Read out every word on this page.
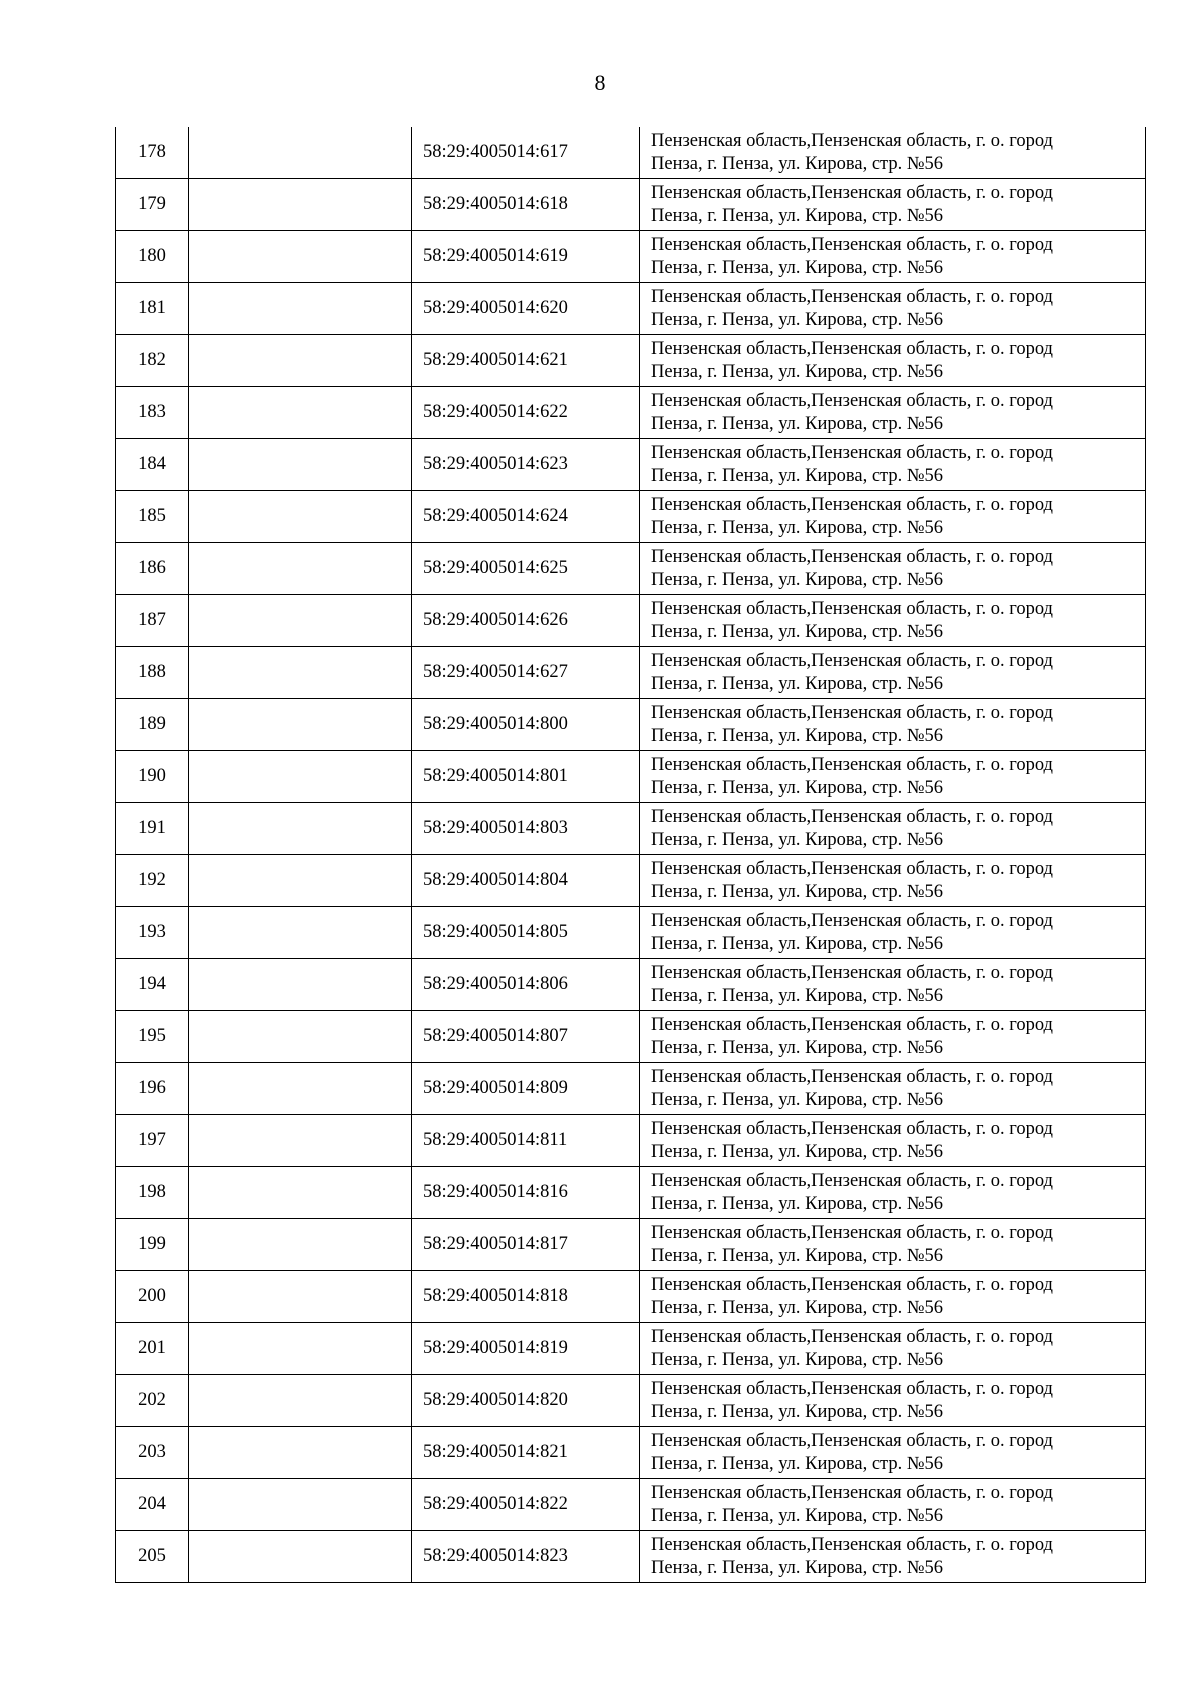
8
178		58:29:4005014:617	Пензенская область,Пензенская область, г. о. город
Пенза, г. Пенза, ул. Кирова, стр. №56

179		58:29:4005014:618	Пензенская область,Пензенская область, г. о. город
Пенза, г. Пенза, ул. Кирова, стр. №56

180		58:29:4005014:619	Пензенская область,Пензенская область, г. о. город
Пенза, г. Пенза, ул. Кирова, стр. №56

181		58:29:4005014:620	Пензенская область,Пензенская область, г. о. город
Пенза, г. Пенза, ул. Кирова, стр. №56

182		58:29:4005014:621	Пензенская область,Пензенская область, г. о. город
Пенза, г. Пенза, ул. Кирова, стр. №56

183		58:29:4005014:622	Пензенская область,Пензенская область, г. о. город
Пенза, г. Пенза, ул. Кирова, стр. №56

184		58:29:4005014:623	Пензенская область,Пензенская область, г. о. город
Пенза, г. Пенза, ул. Кирова, стр. №56

185		58:29:4005014:624	Пензенская область,Пензенская область, г. о. город
Пенза, г. Пенза, ул. Кирова, стр. №56

186		58:29:4005014:625	Пензенская область,Пензенская область, г. о. город
Пенза, г. Пенза, ул. Кирова, стр. №56

187		58:29:4005014:626	Пензенская область,Пензенская область, г. о. город
Пенза, г. Пенза, ул. Кирова, стр. №56

188		58:29:4005014:627	Пензенская область,Пензенская область, г. о. город
Пенза, г. Пенза, ул. Кирова, стр. №56

189		58:29:4005014:800	Пензенская область,Пензенская область, г. о. город
Пенза, г. Пенза, ул. Кирова, стр. №56

190		58:29:4005014:801	Пензенская область,Пензенская область, г. о. город
Пенза, г. Пенза, ул. Кирова, стр. №56

191		58:29:4005014:803	Пензенская область,Пензенская область, г. о. город
Пенза, г. Пенза, ул. Кирова, стр. №56

192		58:29:4005014:804	Пензенская область,Пензенская область, г. о. город
Пенза, г. Пенза, ул. Кирова, стр. №56

193		58:29:4005014:805	Пензенская область,Пензенская область, г. о. город
Пенза, г. Пенза, ул. Кирова, стр. №56

194		58:29:4005014:806	Пензенская область,Пензенская область, г. о. город
Пенза, г. Пенза, ул. Кирова, стр. №56

195		58:29:4005014:807	Пензенская область,Пензенская область, г. о. город
Пенза, г. Пенза, ул. Кирова, стр. №56

196		58:29:4005014:809	Пензенская область,Пензенская область, г. о. город
Пенза, г. Пенза, ул. Кирова, стр. №56

197		58:29:4005014:811	Пензенская область,Пензенская область, г. о. город
Пенза, г. Пенза, ул. Кирова, стр. №56

198		58:29:4005014:816	Пензенская область,Пензенская область, г. о. город
Пенза, г. Пенза, ул. Кирова, стр. №56

199		58:29:4005014:817	Пензенская область,Пензенская область, г. о. город
Пенза, г. Пенза, ул. Кирова, стр. №56

200		58:29:4005014:818	Пензенская область,Пензенская область, г. о. город
Пенза, г. Пенза, ул. Кирова, стр. №56

201		58:29:4005014:819	Пензенская область,Пензенская область, г. о. город
Пенза, г. Пенза, ул. Кирова, стр. №56

202		58:29:4005014:820	Пензенская область,Пензенская область, г. о. город
Пенза, г. Пенза, ул. Кирова, стр. №56

203		58:29:4005014:821	Пензенская область,Пензенская область, г. о. город
Пенза, г. Пенза, ул. Кирова, стр. №56

204		58:29:4005014:822	Пензенская область,Пензенская область, г. о. город
Пенза, г. Пенза, ул. Кирова, стр. №56

205		58:29:4005014:823	Пензенская область,Пензенская область, г. о. город
Пенза, г. Пенза, ул. Кирова, стр. №56
